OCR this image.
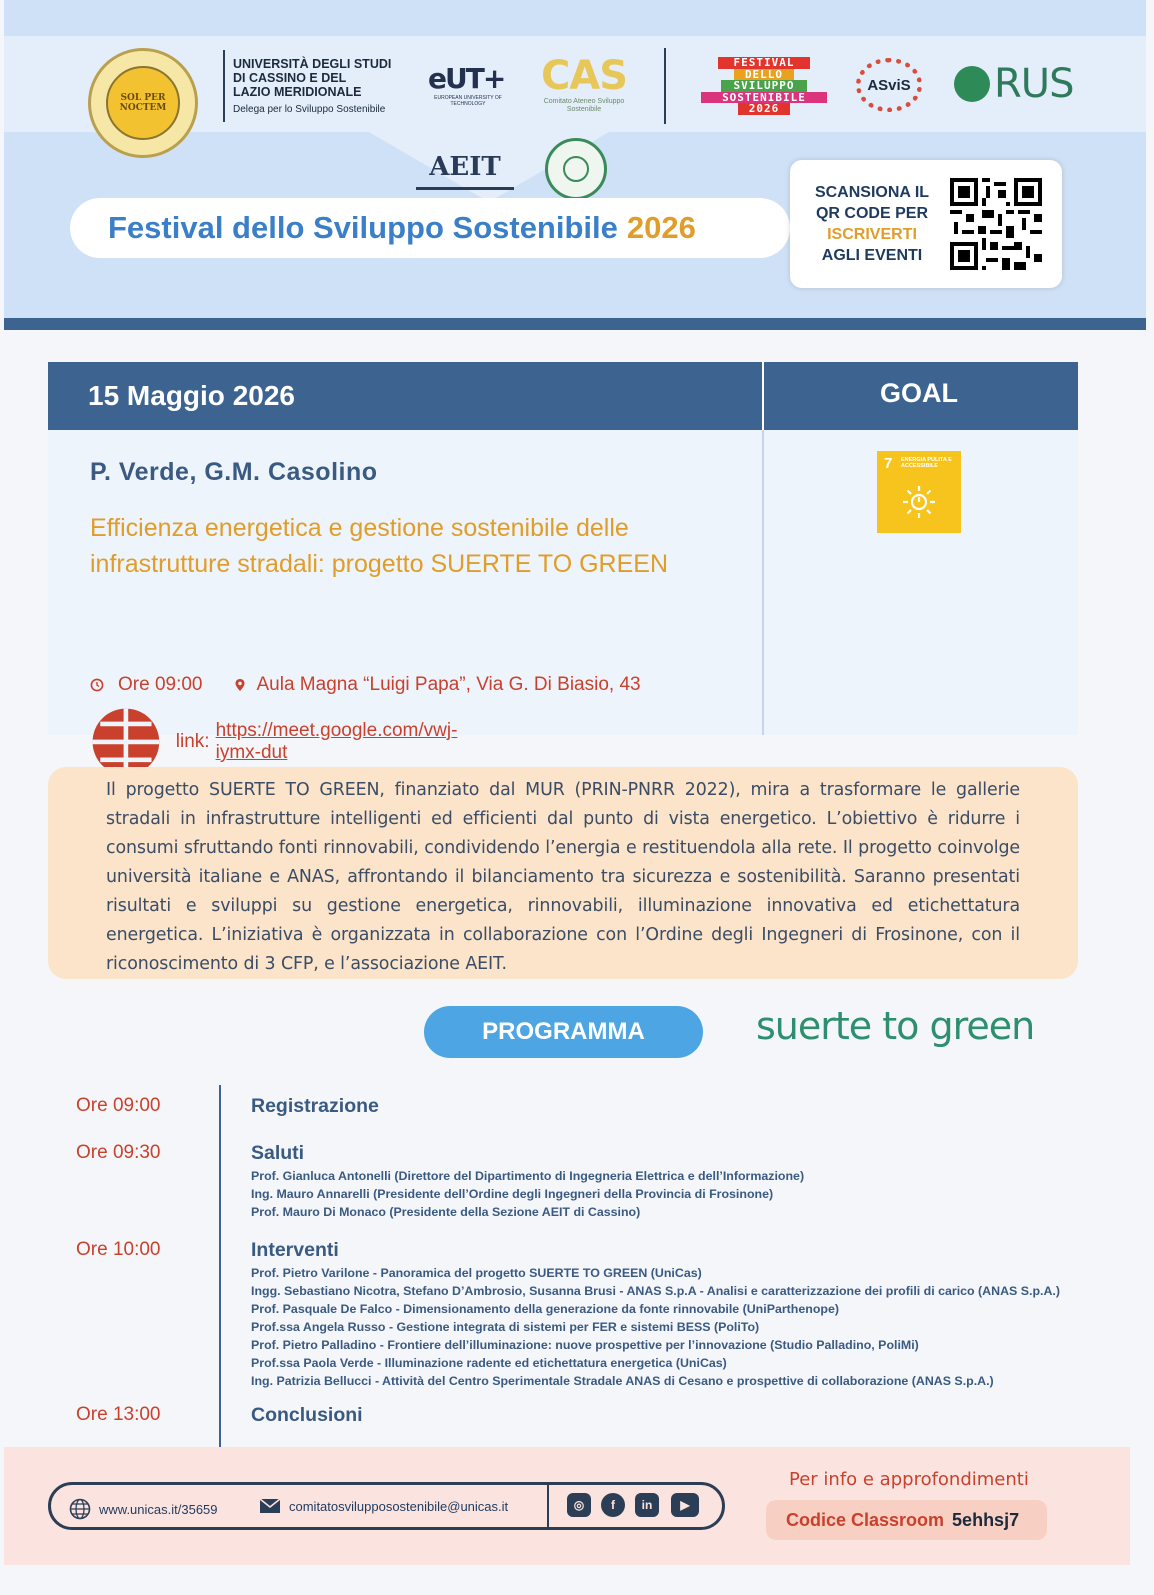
SOL PER NOCTEM
UNIVERSITÀ DEGLI STUDI
DI CASSINO E DEL
LAZIO MERIDIONALE
Delega per lo Sviluppo Sostenibile
eUT+
EUROPEAN UNIVERSITY OF TECHNOLOGY
CAS
Comitato Ateneo Sviluppo Sostenibile
FESTIVAL
DELLO
SVILUPPO
SOSTENIBILE
2026
ASviS RUS
AEIT
Festival dello Sviluppo Sostenibile 2026
SCANSIONA IL
QR CODE PER
ISCRIVERTI
AGLI EVENTI
15 Maggio 2026	GOAL
P. Verde, G.M. Casolino
Efficienza energetica e gestione sostenibile delle infrastrutture stradali: progetto SUERTE TO GREEN
Ore 09:00	Aula Magna “Luigi Papa”, Via G. Di Biasio, 43
link:
https://meet.google.com/vwj-iymx-dut
7 ENERGIA PULITA E ACCESSIBILE

Il progetto SUERTE TO GREEN, finanziato dal MUR (PRIN-PNRR 2022), mira a trasformare le gallerie stradali in infrastrutture intelligenti ed efficienti dal punto di vista energetico. L’obiettivo è ridurre i consumi sfruttando fonti rinnovabili, condividendo l’energia e restituendola alla rete. Il progetto coinvolge università italiane e ANAS, affrontando il bilanciamento tra sicurezza e sostenibilità. Saranno presentati risultati e sviluppi su gestione energetica, rinnovabili, illuminazione innovativa ed etichettatura energetica. L’iniziativa è organizzata in collaborazione con l’Ordine degli Ingegneri di Frosinone, con il riconoscimento di 3 CFP, e l’associazione AEIT.

PROGRAMMA	suerte to green
Ore 09:00	Registrazione
Ore 09:30	Saluti
Prof. Gianluca Antonelli (Direttore del Dipartimento di Ingegneria Elettrica e dell’Informazione)
Ing. Mauro Annarelli (Presidente dell’Ordine degli Ingegneri della Provincia di Frosinone)
Prof. Mauro Di Monaco (Presidente della Sezione AEIT di Cassino)
Ore 10:00	Interventi
Prof. Pietro Varilone - Panoramica del progetto SUERTE TO GREEN (UniCas)
Ingg. Sebastiano Nicotra, Stefano D’Ambrosio, Susanna Brusi - ANAS S.p.A - Analisi e caratterizzazione dei profili di carico (ANAS S.p.A.)
Prof. Pasquale De Falco - Dimensionamento della generazione da fonte rinnovabile (UniParthenope)
Prof.ssa Angela Russo - Gestione integrata di sistemi per FER e sistemi BESS (PoliTo)
Prof. Pietro Palladino - Frontiere dell’illuminazione: nuove prospettive per l’innovazione (Studio Palladino, PoliMi)
Prof.ssa Paola Verde - Illuminazione radente ed etichettatura energetica (UniCas)
Ing. Patrizia Bellucci - Attività del Centro Sperimentale Stradale ANAS di Cesano e prospettive di collaborazione (ANAS S.p.A.)
Ore 13:00	Conclusioni
www.unicas.it/35659	comitatosvilupposostenibile@unicas.it	◎	f	in	▶
Per info e approfondimenti
Codice Classroom 5ehhsj7
